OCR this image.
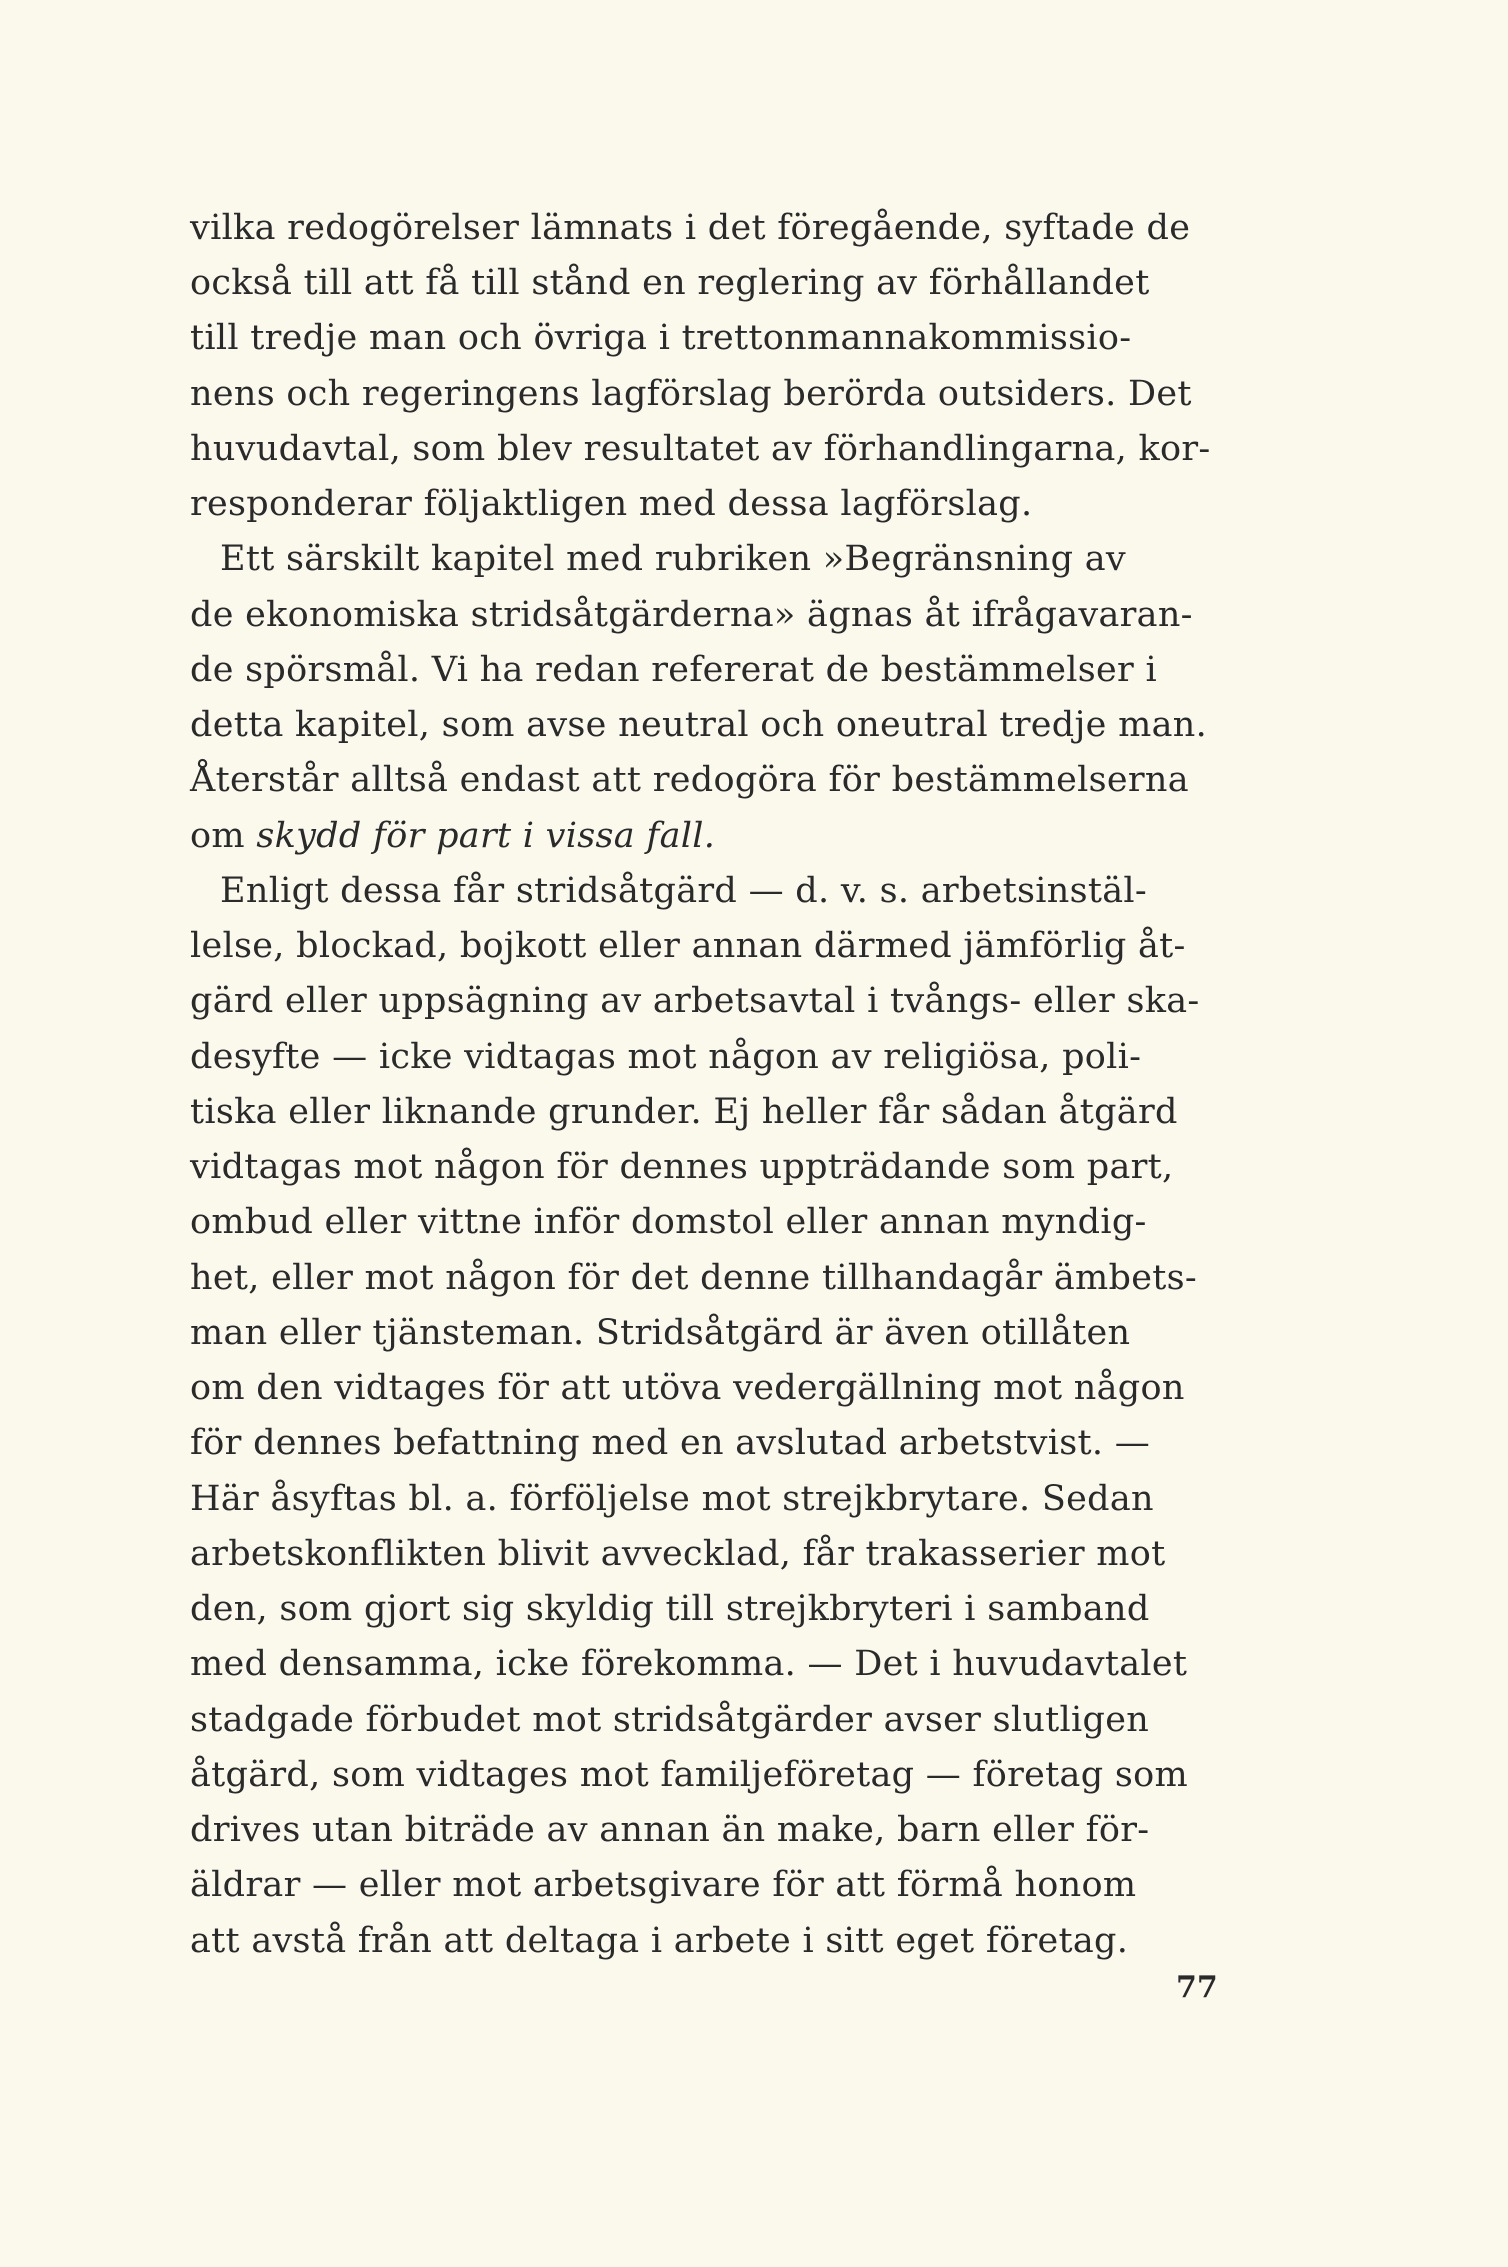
vilka redogörelser lämnats i det föregående, syftade de
också till att få till stånd en reglering av förhållandet
till tredje man och övriga i trettonmannakommissio-
nens och regeringens lagförslag berörda outsiders. Det
huvudavtal, som blev resultatet av förhandlingarna, kor-
responderar följaktligen med dessa lagförslag.
Ett särskilt kapitel med rubriken »Begränsning av
de ekonomiska stridsåtgärderna» ägnas åt ifrågavaran-
de spörsmål. Vi ha redan refererat de bestämmelser i
detta kapitel, som avse neutral och oneutral tredje man.
Återstår alltså endast att redogöra för bestämmelserna
om skydd för part i vissa fall.
Enligt dessa får stridsåtgärd — d. v. s. arbetsinstäl-
lelse, blockad, bojkott eller annan därmed jämförlig åt-
gärd eller uppsägning av arbetsavtal i tvångs- eller ska-
desyfte — icke vidtagas mot någon av religiösa, poli-
tiska eller liknande grunder. Ej heller får sådan åtgärd
vidtagas mot någon för dennes uppträdande som part,
ombud eller vittne inför domstol eller annan myndig-
het, eller mot någon för det denne tillhandagår ämbets-
man eller tjänsteman. Stridsåtgärd är även otillåten
om den vidtages för att utöva vedergällning mot någon
för dennes befattning med en avslutad arbetstvist. —
Här åsyftas bl. a. förföljelse mot strejkbrytare. Sedan
arbetskonflikten blivit avvecklad, får trakasserier mot
den, som gjort sig skyldig till strejkbryteri i samband
med densamma, icke förekomma. — Det i huvudavtalet
stadgade förbudet mot stridsåtgärder avser slutligen
åtgärd, som vidtages mot familjeföretag — företag som
drives utan biträde av annan än make, barn eller för-
äldrar — eller mot arbetsgivare för att förmå honom
att avstå från att deltaga i arbete i sitt eget företag.
77
